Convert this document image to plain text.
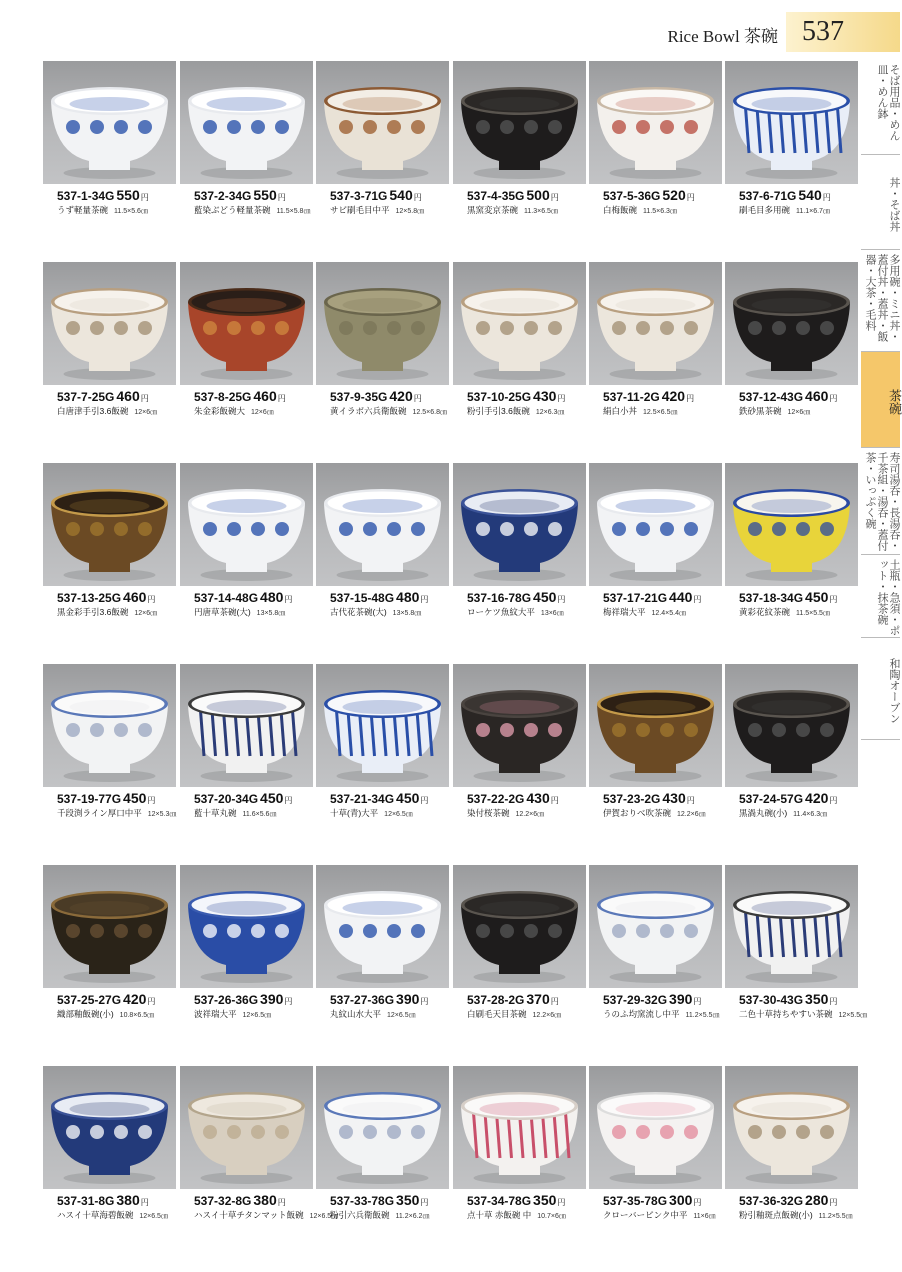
Rice Bowl 茶碗 537
537-1-34G 550円
うず軽量茶碗 11.5×5.6㎝
537-2-34G 550円
藍染ぶどう軽量茶碗 11.5×5.8㎝
537-3-71G 540円
サビ刷毛目中平 12×5.8㎝
537-4-35G 500円
黒窯変京茶碗 11.3×6.5㎝
537-5-36G 520円
白梅飯碗 11.5×6.3㎝
537-6-71G 540円
刷毛目多用碗 11.1×6.7㎝
537-7-25G 460円
白唐津手引3.6飯碗 12×6㎝
537-8-25G 460円
朱金彩飯碗大 12×6㎝
537-9-35G 420円
黄イラボ六兵衛飯碗 12.5×6.8㎝
537-10-25G 430円
粉引手引3.6飯碗 12×6.3㎝
537-11-2G 420円
絹白小丼 12.5×6.5㎝
537-12-43G 460円
鉄砂黒茶碗 12×6㎝
537-13-25G 460円
黒金彩手引3.6飯碗 12×6㎝
537-14-48G 480円
円唐草茶碗(大) 13×5.8㎝
537-15-48G 480円
古代花茶碗(大) 13×5.8㎝
537-16-78G 450円
ローケツ魚紋大平 13×6㎝
537-17-21G 440円
梅祥瑞大平 12.4×5.4㎝
537-18-34G 450円
黄彩花紋茶碗 11.5×5.5㎝
537-19-77G 450円
千段渕ライン厚口中平 12×5.3㎝
537-20-34G 450円
藍十草丸碗 11.6×5.6㎝
537-21-34G 450円
十草(青)大平 12×6.5㎝
537-22-2G 430円
染付桜茶碗 12.2×6㎝
537-23-2G 430円
伊賀おりべ吹茶碗 12.2×6㎝
537-24-57G 420円
黒渦丸碗(小) 11.4×6.3㎝
537-25-27G 420円
織部釉飯碗(小) 10.8×6.5㎝
537-26-36G 390円
波祥瑞大平 12×6.5㎝
537-27-36G 390円
丸紋山水大平 12×6.5㎝
537-28-2G 370円
白刷毛天目茶碗 12.2×6㎝
537-29-32G 390円
うのふ均窯流し中平 11.2×5.5㎝
537-30-43G 350円
二色十草持ちやすい茶碗 12×5.5㎝
537-31-8G 380円
ハスイ十草海碧飯碗 12×6.5㎝
537-32-8G 380円
ハスイ十草チタンマット飯碗 12×6.5㎝
537-33-78G 350円
粉引六兵衛飯碗 11.2×6.2㎝
537-34-78G 350円
点十草 赤飯碗 中 10.7×6㎝
537-35-78G 300円
クローバーピンク中平 11×6㎝
537-36-32G 280円
粉引釉斑点飯碗(小) 11.2×5.5㎝
そば用品・めん皿・めん鉢
丼・そば丼
多用碗・ミニ丼・蓋付丼・蓋丼・飯器・大茶・毛料
茶碗
寿司湯呑・長湯呑・千茶組・湯呑・蓋付茶・いっぷく碗
土瓶・急須・ポット・抹茶碗
和陶オーブン
